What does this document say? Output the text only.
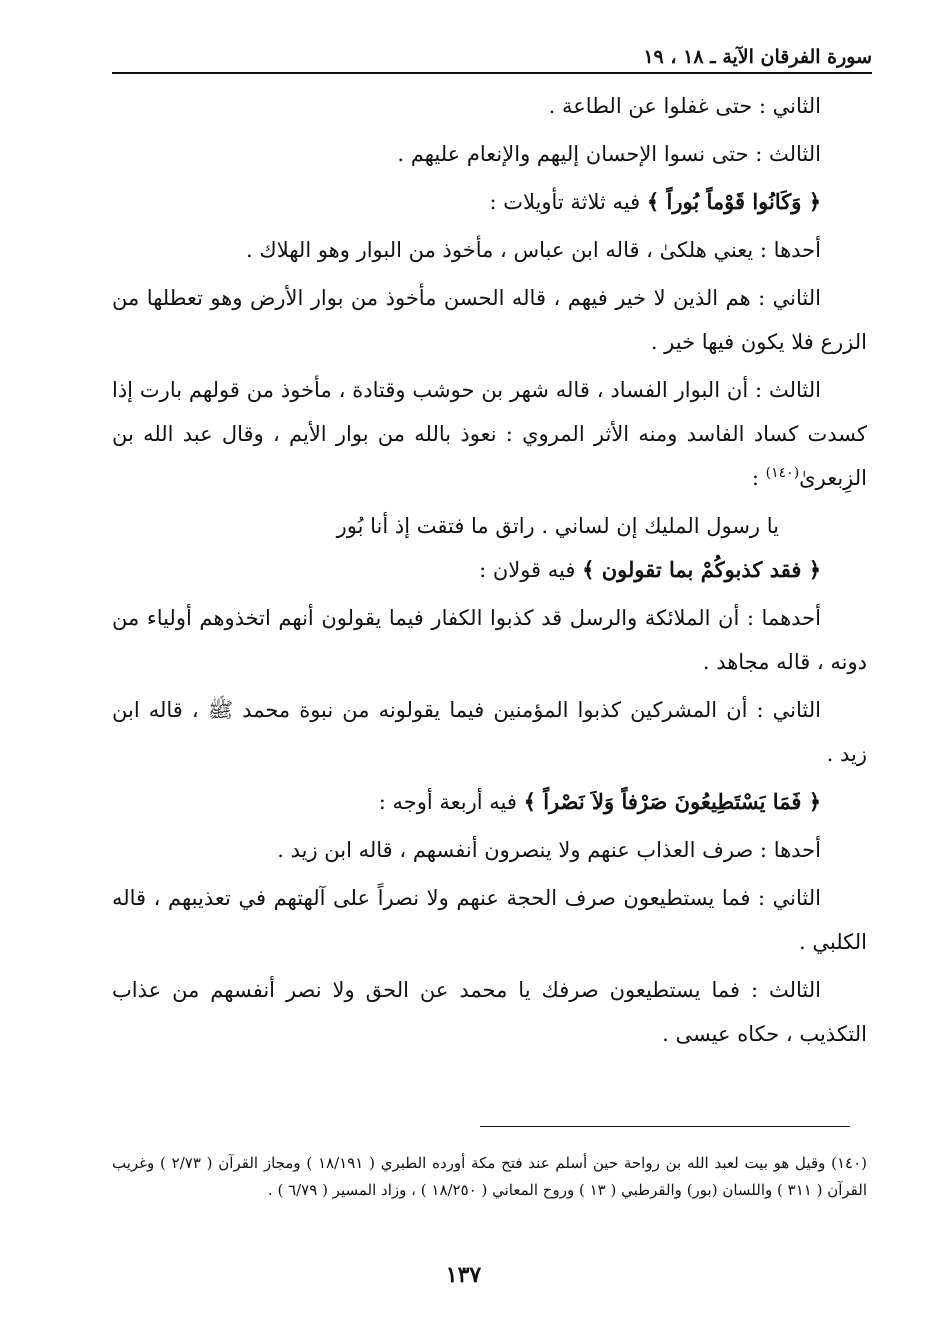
سورة الفرقان الآية ـ ١٨ ، ١٩

الثاني : حتى غفلوا عن الطاعة .

الثالث : حتى نسوا الإحسان إليهم والإنعام عليهم .

﴿ وَكَانُوا قَوْماً بُوراً ﴾ فيه ثلاثة تأويلات :

أحدها : يعني هلكىٰ ، قاله ابن عباس ، مأخوذ من البوار وهو الهلاك .

الثاني : هم الذين لا خير فيهم ، قاله الحسن مأخوذ من بوار الأرض وهو تعطلها من الزرع فلا يكون فيها خير .

الثالث : أن البوار الفساد ، قاله شهر بن حوشب وقتادة ، مأخوذ من قولهم بارت إذا كسدت كساد الفاسد ومنه الأثر المروي : نعوذ بالله من بوار الأيم ، وقال عبد الله بن الزِبعرىٰ$^{(١٤٠)}$ :

يا رسول المليك إن لساني . راتق ما فتقت إذ أنا بُور

﴿ فقد كذبوكُمْ بما تقولون ﴾ فيه قولان :

أحدهما : أن الملائكة والرسل قد كذبوا الكفار فيما يقولون أنهم اتخذوهم أولياء من دونه ، قاله مجاهد .

الثاني : أن المشركين كذبوا المؤمنين فيما يقولونه من نبوة محمد ﷺ ، قاله ابن زيد .

﴿ فَمَا يَسْتَطِيعُونَ صَرْفاً وَلاَ نَصْراً ﴾ فيه أربعة أوجه :

أحدها : صرف العذاب عنهم ولا ينصرون أنفسهم ، قاله ابن زيد .

الثاني : فما يستطيعون صرف الحجة عنهم ولا نصراً على آلهتهم في تعذيبهم ، قاله الكلبي .

الثالث : فما يستطيعون صرفك يا محمد عن الحق ولا نصر أنفسهم من عذاب التكذيب ، حكاه عيسى .

(١٤٠) وقيل هو بيت لعبد الله بن رواحة حين أسلم عند فتح مكة أورده الطبري ( ١٨/١٩١ ) ومجاز القرآن ( ٢/٧٣ ) وغريب القرآن ( ٣١١ ) واللسان (بور) والقرطبي ( ١٣ ) وروح المعاني ( ١٨/٢٥٠ ) ، وزاد المسير ( ٦/٧٩ ) .

١٣٧
